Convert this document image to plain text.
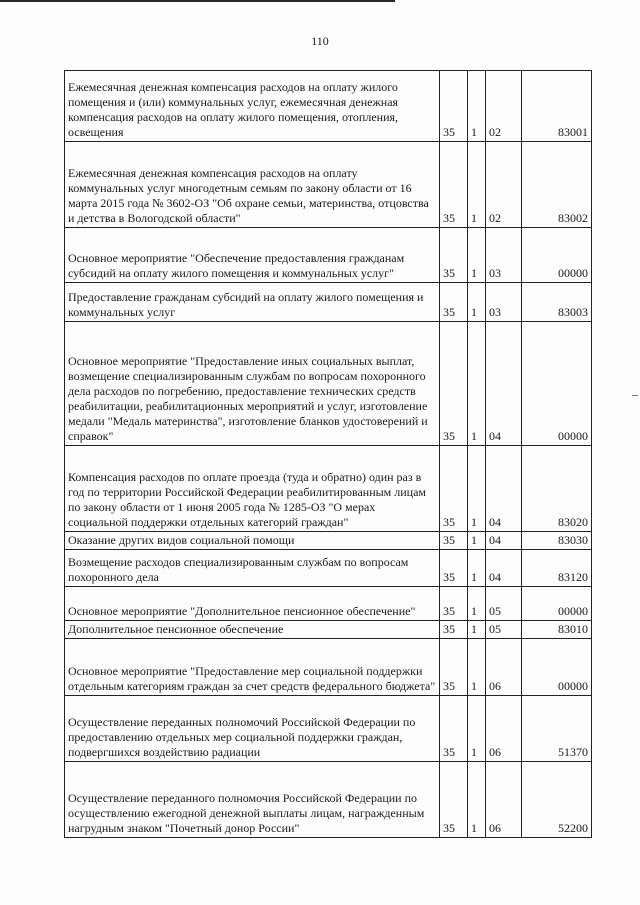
110
Ежемесячная денежная компенсация расходов на оплату жилого помещения и (или) коммунальных услуг, ежемесячная денежная компенсация расходов на оплату жилого помещения, отопления, освещения	35	1	02	83001
Ежемесячная денежная компенсация расходов на оплату коммунальных услуг многодетным семьям по закону области от 16 марта 2015 года № 3602-ОЗ "Об охране семьи, материнства, отцовства и детства в Вологодской области"	35	1	02	83002
Основное мероприятие "Обеспечение предоставления гражданам субсидий на оплату жилого помещения и коммунальных услуг"	35	1	03	00000
Предоставление гражданам субсидий на оплату жилого помещения и коммунальных услуг	35	1	03	83003
Основное мероприятие "Предоставление иных социальных выплат, возмещение специализированным службам по вопросам похоронного дела расходов по погребению, предоставление технических средств реабилитации, реабилитационных мероприятий и услуг, изготовление медали "Медаль материнства", изготовление бланков удостоверений и справок"	35	1	04	00000
Компенсация расходов по оплате проезда (туда и обратно) один раз в год по территории Российской Федерации реабилитированным лицам по закону области от 1 июня 2005 года № 1285-ОЗ "О мерах социальной поддержки отдельных категорий граждан"	35	1	04	83020
Оказание других видов социальной помощи	35	1	04	83030
Возмещение расходов специализированным службам по вопросам похоронного дела	35	1	04	83120
Основное мероприятие "Дополнительное пенсионное обеспечение"	35	1	05	00000
Дополнительное пенсионное обеспечение	35	1	05	83010
Основное мероприятие "Предоставление мер социальной поддержки отдельным категориям граждан за счет средств федерального бюджета"	35	1	06	00000
Осуществление переданных полномочий Российской Федерации по предоставлению отдельных мер социальной поддержки граждан, подвергшихся воздействию радиации	35	1	06	51370
Осуществление переданного полномочия Российской Федерации по осуществлению ежегодной денежной выплаты лицам, награжденным нагрудным знаком "Почетный донор России"	35	1	06	52200
